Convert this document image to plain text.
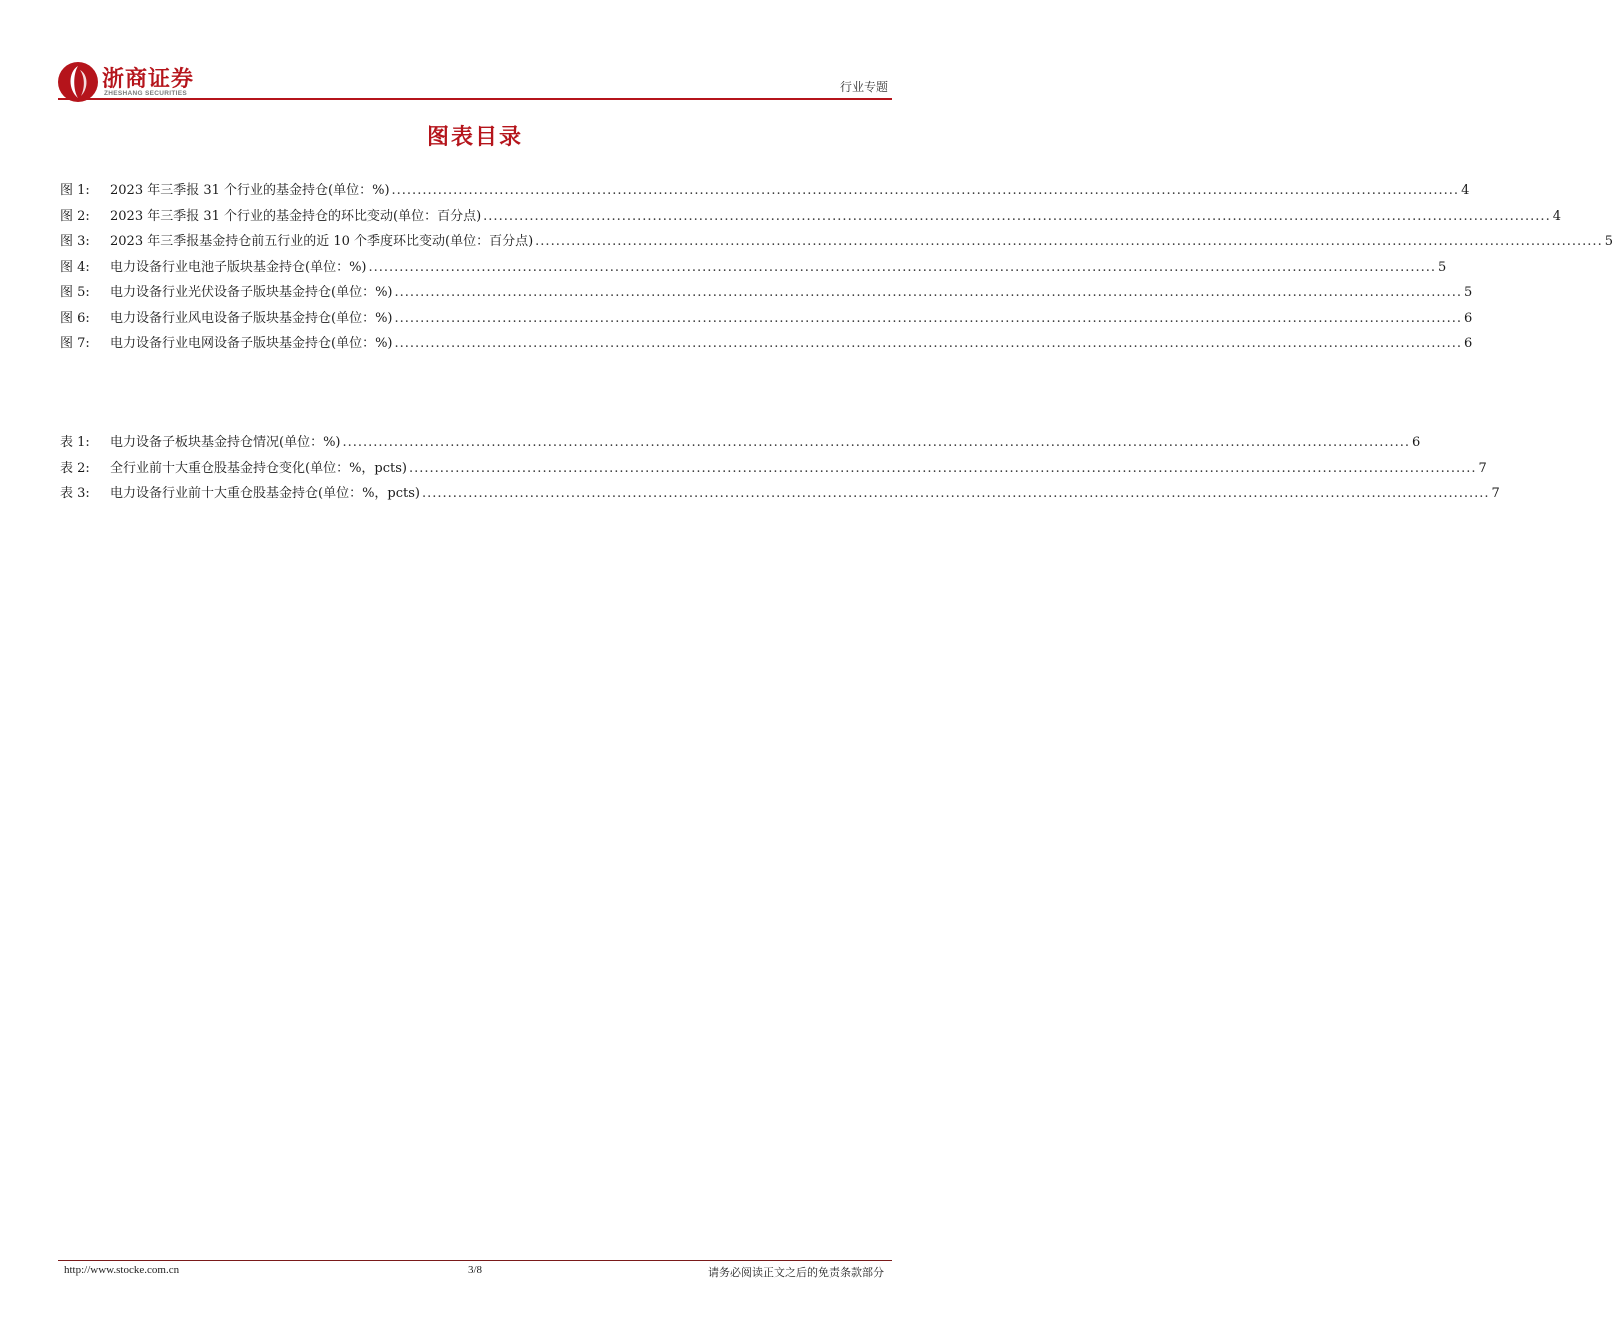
浙商证券
ZHESHANG SECURITIES	行业专题
图表目录
图 1:	2023 年三季报 31 个行业的基金持仓(单位：%) ................................................................................................................................................................................................................ 4
图 2:	2023 年三季报 31 个行业的基金持仓的环比变动(单位：百分点) ................................................................................................................................................................................................................ 4
图 3:	2023 年三季报基金持仓前五行业的近 10 个季度环比变动(单位：百分点) ................................................................................................................................................................................................................ 5
图 4:	电力设备行业电池子版块基金持仓(单位：%) ................................................................................................................................................................................................................ 5
图 5:	电力设备行业光伏设备子版块基金持仓(单位：%) ................................................................................................................................................................................................................ 5
图 6:	电力设备行业风电设备子版块基金持仓(单位：%) ................................................................................................................................................................................................................ 6
图 7:	电力设备行业电网设备子版块基金持仓(单位：%) ................................................................................................................................................................................................................ 6
表 1:	电力设备子板块基金持仓情况(单位：%) ................................................................................................................................................................................................................ 6
表 2:	全行业前十大重仓股基金持仓变化(单位：%，pcts) ................................................................................................................................................................................................................ 7
表 3:	电力设备行业前十大重仓股基金持仓(单位：%，pcts) ................................................................................................................................................................................................................ 7
http://www.stocke.com.cn	3/8	请务必阅读正文之后的免责条款部分
